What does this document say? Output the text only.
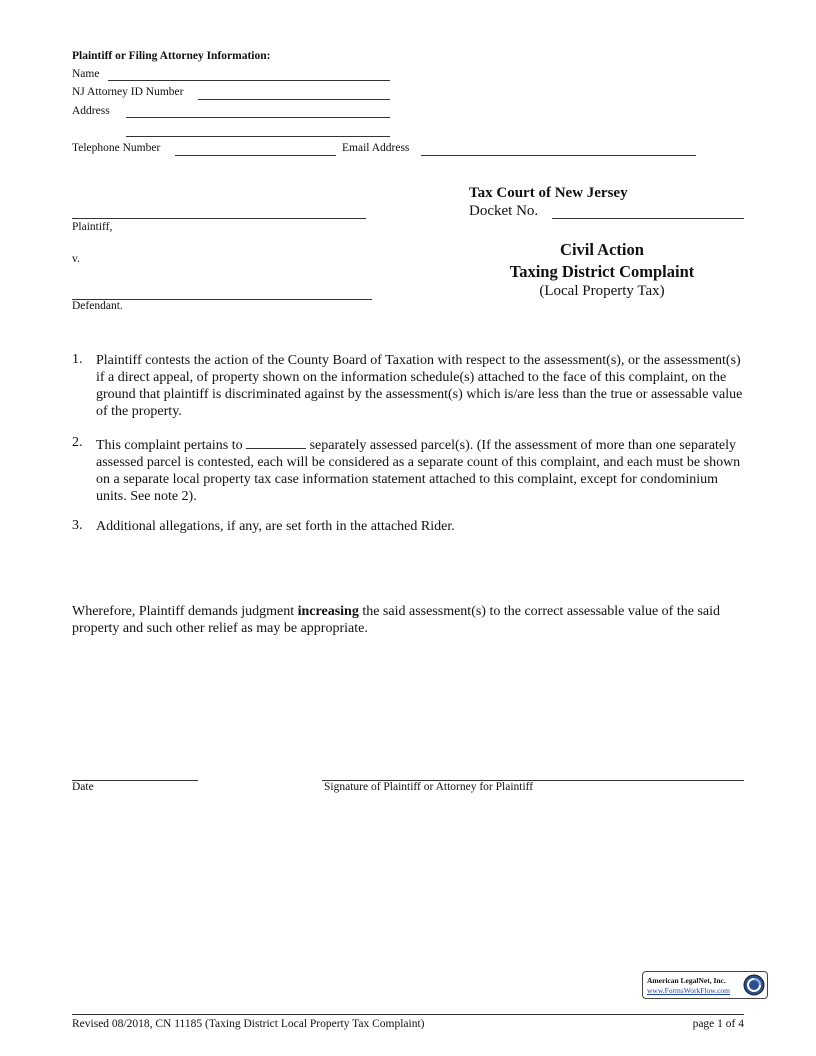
Plaintiff or Filing Attorney Information:
Name
NJ Attorney ID Number
Address
Telephone Number	Email Address
Tax Court of New Jersey
Docket No.
Plaintiff,
v.
Defendant.
Civil Action
Taxing District Complaint
(Local Property Tax)
1. Plaintiff contests the action of the County Board of Taxation with respect to the assessment(s), or the assessment(s) if a direct appeal, of property shown on the information schedule(s) attached to the face of this complaint, on the ground that plaintiff is discriminated against by the assessment(s) which is/are less than the true or assessable value of the property.
2. This complaint pertains to	separately assessed parcel(s). (If the assessment of more than one separately assessed parcel is contested, each will be considered as a separate count of this complaint, and each must be shown on a separate local property tax case information statement attached to this complaint, except for condominium units. See note 2).
3. Additional allegations, if any, are set forth in the attached Rider.
Wherefore, Plaintiff demands judgment increasing the said assessment(s) to the correct assessable value of the said property and such other relief as may be appropriate.
Date	Signature of Plaintiff or Attorney for Plaintiff
American LegalNet, Inc.
www.FormsWorkFlow.com
Revised 08/2018, CN 11185 (Taxing District Local Property Tax Complaint)	page 1 of 4
